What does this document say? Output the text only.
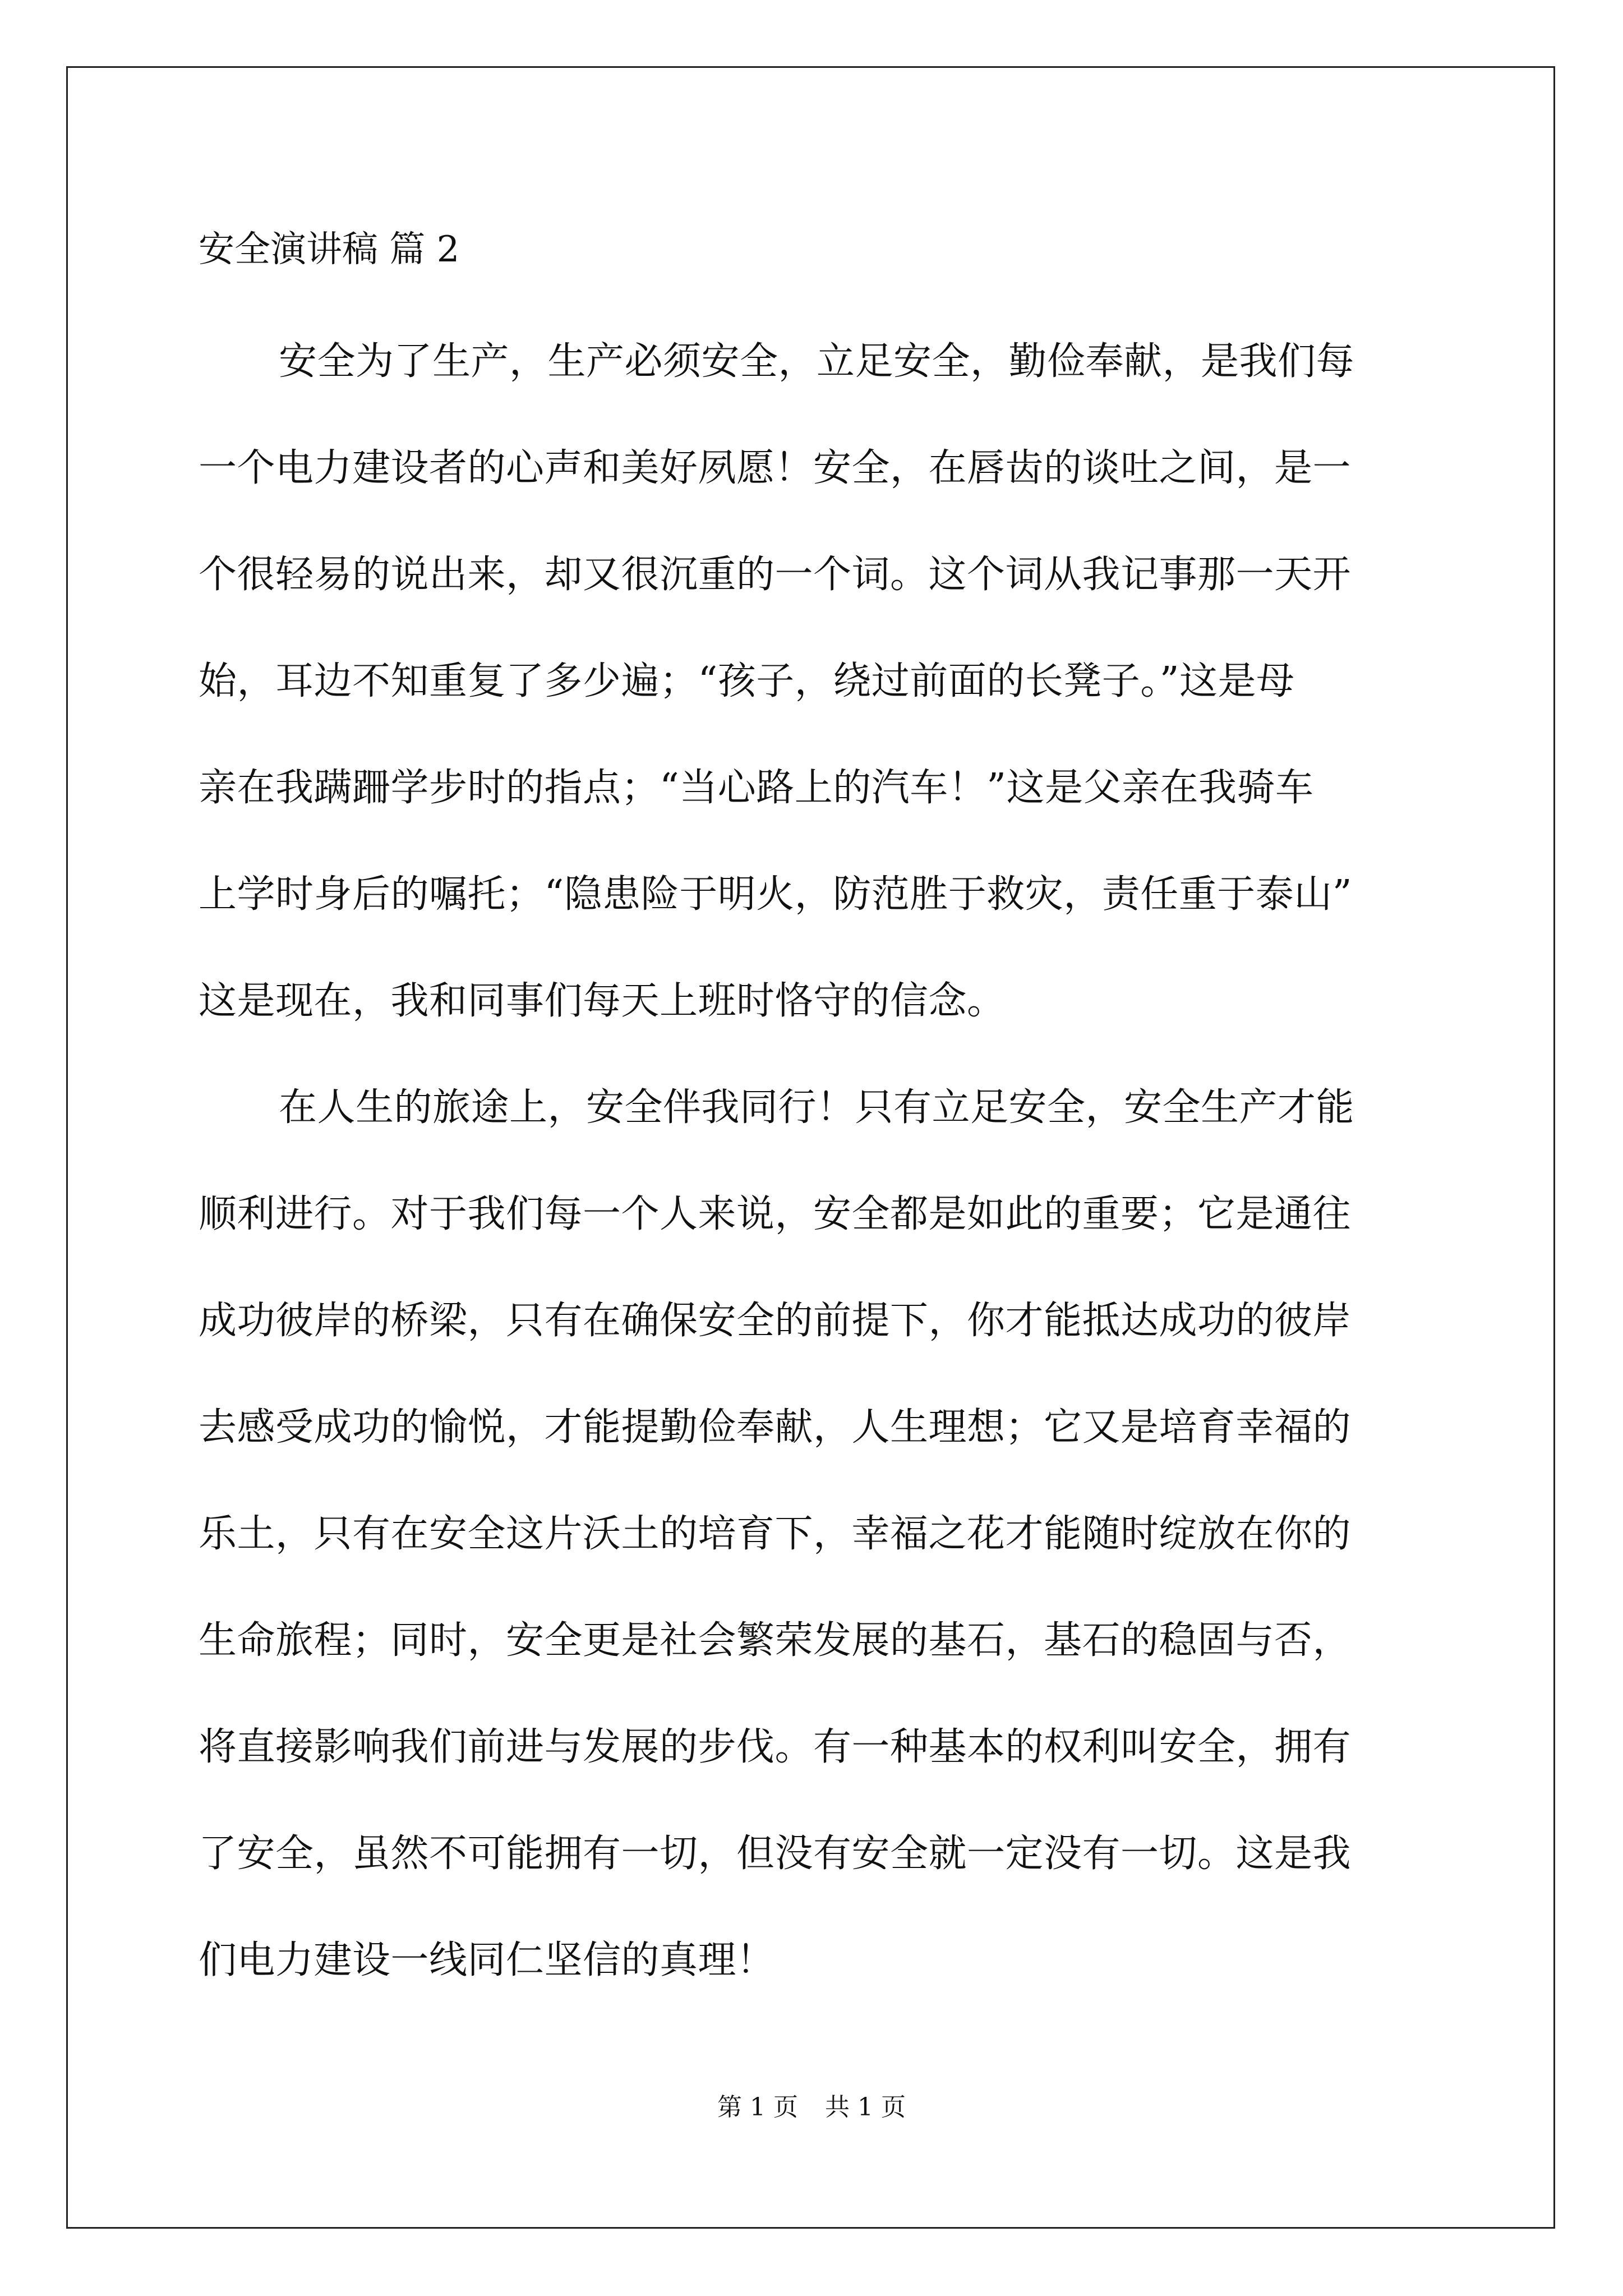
安全演讲稿 篇 2

安全为了生产，生产必须安全，立足安全，勤俭奉献，是我们每

一个电力建设者的心声和美好夙愿！安全，在唇齿的谈吐之间，是一

个很轻易的说出来，却又很沉重的一个词。这个词从我记事那一天开

始，耳边不知重复了多少遍；“孩子，绕过前面的长凳子。”这是母

亲在我蹒跚学步时的指点；“当心路上的汽车！”这是父亲在我骑车

上学时身后的嘱托；“隐患险于明火，防范胜于救灾，责任重于泰山”

这是现在，我和同事们每天上班时恪守的信念。

在人生的旅途上，安全伴我同行！只有立足安全，安全生产才能

顺利进行。对于我们每一个人来说，安全都是如此的重要；它是通往

成功彼岸的桥梁，只有在确保安全的前提下，你才能抵达成功的彼岸

去感受成功的愉悦，才能提勤俭奉献，人生理想；它又是培育幸福的

乐土，只有在安全这片沃土的培育下，幸福之花才能随时绽放在你的

生命旅程；同时，安全更是社会繁荣发展的基石，基石的稳固与否，

将直接影响我们前进与发展的步伐。有一种基本的权利叫安全，拥有

了安全，虽然不可能拥有一切，但没有安全就一定没有一切。这是我

们电力建设一线同仁坚信的真理！

第 1 页 共 1 页
